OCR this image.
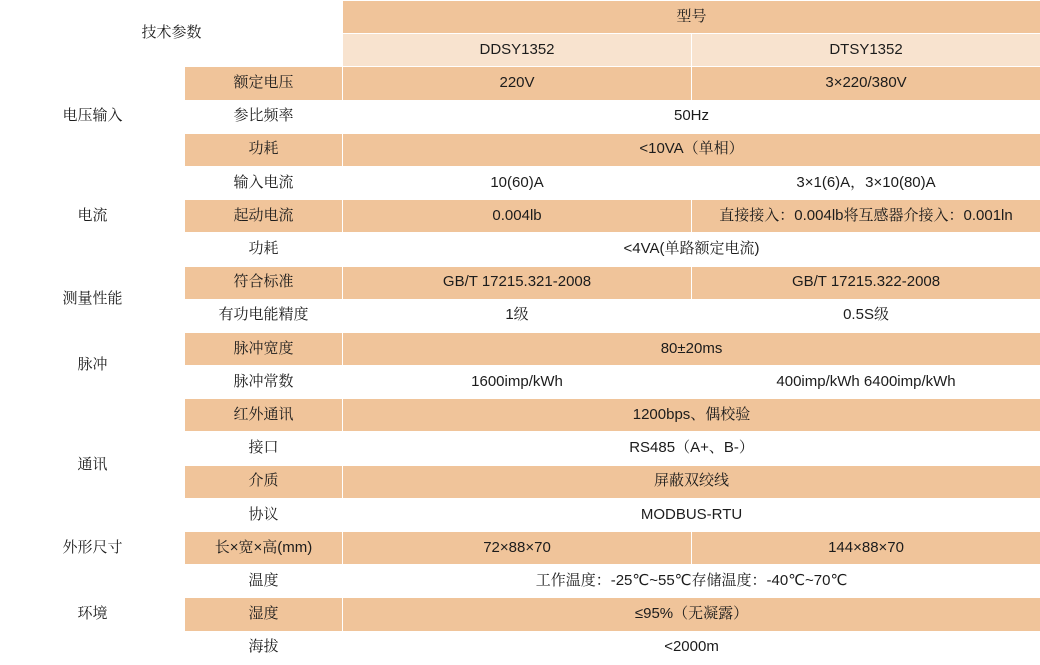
技术参数		型号	
		DDSY1352	DTSY1352
电压输入	额定电压	220V	3×220/380V
	参比频率	50Hz	
	功耗	<10VA（单相）	
电流	输入电流	10(60)A	3×1(6)A，3×10(80)A
	起动电流	0.004lb	直接接入：0.004lb将互感器介接入：0.001ln
	功耗	<4VA(单路额定电流)	
测量性能	符合标准	GB/T 17215.321-2008	GB/T 17215.322-2008
	有功电能精度	1级	0.5S级
脉冲	脉冲宽度	80±20ms	
	脉冲常数	1600imp/kWh	400imp/kWh 6400imp/kWh
通讯	红外通讯	1200bps、偶校验	
	接口	RS485（A+、B-）	
	介质	屏蔽双绞线	
	协议	MODBUS-RTU	
外形尺寸	长×宽×高(mm)	72×88×70	144×88×70
环境	温度	工作温度：-25℃~55℃存储温度：-40℃~70℃	
	湿度	≤95%（无凝露）	
	海拔	<2000m	
